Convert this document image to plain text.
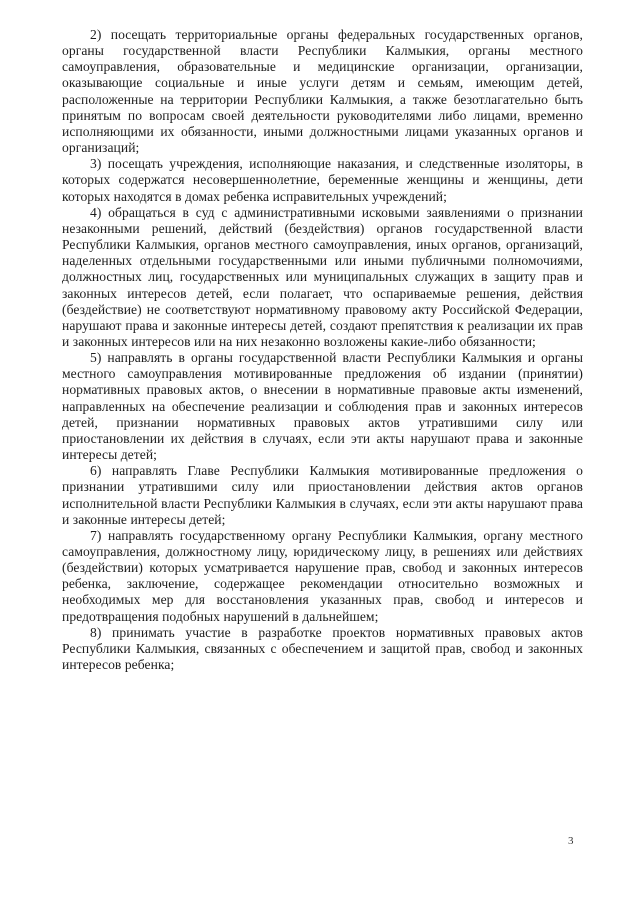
2) посещать территориальные органы федеральных государственных органов, органы государственной власти Республики Калмыкия, органы местного самоуправления, образовательные и медицинские организации, организации, оказывающие социальные и иные услуги детям и семьям, имеющим детей, расположенные на территории Республики Калмыкия, а также безотлагательно быть принятым по вопросам своей деятельности руководителями либо лицами, временно исполняющими их обязанности, иными должностными лицами указанных органов и организаций;

3) посещать учреждения, исполняющие наказания, и следственные изоляторы, в которых содержатся несовершеннолетние, беременные женщины и женщины, дети которых находятся в домах ребенка исправительных учреждений;

4) обращаться в суд с административными исковыми заявлениями о признании незаконными решений, действий (бездействия) органов государственной власти Республики Калмыкия, органов местного самоуправления, иных органов, организаций, наделенных отдельными государственными или иными публичными полномочиями, должностных лиц, государственных или муниципальных служащих в защиту прав и законных интересов детей, если полагает, что оспариваемые решения, действия (бездействие) не соответствуют нормативному правовому акту Российской Федерации, нарушают права и законные интересы детей, создают препятствия к реализации их прав и законных интересов или на них незаконно возложены какие-либо обязанности;

5) направлять в органы государственной власти Республики Калмыкия и органы местного самоуправления мотивированные предложения об издании (принятии) нормативных правовых актов, о внесении в нормативные правовые акты изменений, направленных на обеспечение реализации и соблюдения прав и законных интересов детей, признании нормативных правовых актов утратившими силу или приостановлении их действия в случаях, если эти акты нарушают права и законные интересы детей;

6) направлять Главе Республики Калмыкия мотивированные предложения о признании утратившими силу или приостановлении действия актов органов исполнительной власти Республики Калмыкия в случаях, если эти акты нарушают права и законные интересы детей;

7) направлять государственному органу Республики Калмыкия, органу местного самоуправления, должностному лицу, юридическому лицу, в решениях или действиях (бездействии) которых усматривается нарушение прав, свобод и законных интересов ребенка, заключение, содержащее рекомендации относительно возможных и необходимых мер для восстановления указанных прав, свобод и интересов и предотвращения подобных нарушений в дальнейшем;

8) принимать участие в разработке проектов нормативных правовых актов Республики Калмыкия, связанных с обеспечением и защитой прав, свобод и законных интересов ребенка;

3
